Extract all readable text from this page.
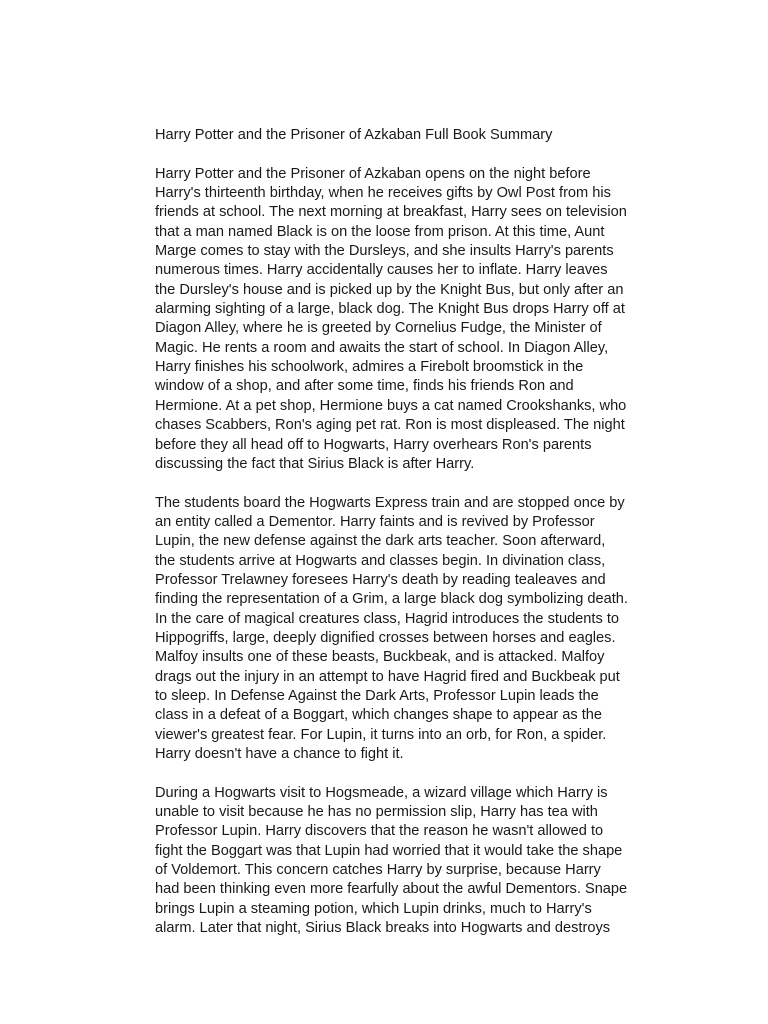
Harry Potter and the Prisoner of Azkaban Full Book Summary
Harry Potter and the Prisoner of Azkaban opens on the night before
Harry's thirteenth birthday, when he receives gifts by Owl Post from his
friends at school. The next morning at breakfast, Harry sees on television
that a man named Black is on the loose from prison. At this time, Aunt
Marge comes to stay with the Dursleys, and she insults Harry's parents
numerous times. Harry accidentally causes her to inflate. Harry leaves
the Dursley's house and is picked up by the Knight Bus, but only after an
alarming sighting of a large, black dog. The Knight Bus drops Harry off at
Diagon Alley, where he is greeted by Cornelius Fudge, the Minister of
Magic. He rents a room and awaits the start of school. In Diagon Alley,
Harry finishes his schoolwork, admires a Firebolt broomstick in the
window of a shop, and after some time, finds his friends Ron and
Hermione. At a pet shop, Hermione buys a cat named Crookshanks, who
chases Scabbers, Ron's aging pet rat. Ron is most displeased. The night
before they all head off to Hogwarts, Harry overhears Ron's parents
discussing the fact that Sirius Black is after Harry.
The students board the Hogwarts Express train and are stopped once by
an entity called a Dementor. Harry faints and is revived by Professor
Lupin, the new defense against the dark arts teacher. Soon afterward,
the students arrive at Hogwarts and classes begin. In divination class,
Professor Trelawney foresees Harry's death by reading tealeaves and
finding the representation of a Grim, a large black dog symbolizing death.
In the care of magical creatures class, Hagrid introduces the students to
Hippogriffs, large, deeply dignified crosses between horses and eagles.
Malfoy insults one of these beasts, Buckbeak, and is attacked. Malfoy
drags out the injury in an attempt to have Hagrid fired and Buckbeak put
to sleep. In Defense Against the Dark Arts, Professor Lupin leads the
class in a defeat of a Boggart, which changes shape to appear as the
viewer's greatest fear. For Lupin, it turns into an orb, for Ron, a spider.
Harry doesn't have a chance to fight it.
During a Hogwarts visit to Hogsmeade, a wizard village which Harry is
unable to visit because he has no permission slip, Harry has tea with
Professor Lupin. Harry discovers that the reason he wasn't allowed to
fight the Boggart was that Lupin had worried that it would take the shape
of Voldemort. This concern catches Harry by surprise, because Harry
had been thinking even more fearfully about the awful Dementors. Snape
brings Lupin a steaming potion, which Lupin drinks, much to Harry's
alarm. Later that night, Sirius Black breaks into Hogwarts and destroys
